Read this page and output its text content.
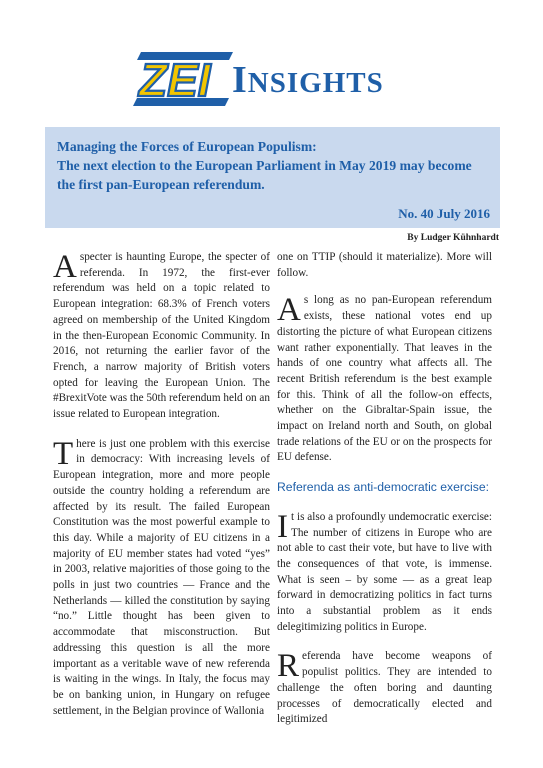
ZEI INSIGHTS

Managing the Forces of European Populism:
The next election to the European Parliament in May 2019 may become the first pan-European referendum.

No. 40 July 2016
By Ludger Kühnhardt

Aspecter is haunting Europe, the specter of referenda. In 1972, the first-ever referendum was held on a topic related to European integration: 68.3% of French voters agreed on membership of the United Kingdom in the then-European Economic Community. In 2016, not returning the earlier favor of the French, a narrow majority of British voters opted for leaving the European Union. The #BrexitVote was the 50th referendum held on an issue related to European integration.

There is just one problem with this exercise in democracy: With increasing levels of European integration, more and more people outside the country holding a referendum are affected by its result. The failed European Constitution was the most powerful example to this day. While a majority of EU citizens in a majority of EU member states had voted “yes” in 2003, relative majorities of those going to the polls in just two countries — France and the Netherlands — killed the constitution by saying “no.” Little thought has been given to accommodate that misconstruction. But addressing this question is all the more important as a veritable wave of new referenda is waiting in the wings. In Italy, the focus may be on banking union, in Hungary on refugee settlement, in the Belgian province of Wallonia

one on TTIP (should it materialize). More will follow.

As long as no pan-European referendum exists, these national votes end up distorting the picture of what European citizens want rather exponentially. That leaves in the hands of one country what affects all. The recent British referendum is the best example for this. Think of all the follow-on effects, whether on the Gibraltar-Spain issue, the impact on Ireland north and South, on global trade relations of the EU or on the prospects for EU defense.

Referenda as anti-democratic exercise:

It is also a profoundly undemocratic exercise: The number of citizens in Europe who are not able to cast their vote, but have to live with the consequences of that vote, is immense. What is seen – by some — as a great leap forward in democratizing politics in fact turns into a substantial problem as it ends delegitimizing politics in Europe.

Referenda have become weapons of populist politics. They are intended to challenge the often boring and daunting processes of democratically elected and legitimized
